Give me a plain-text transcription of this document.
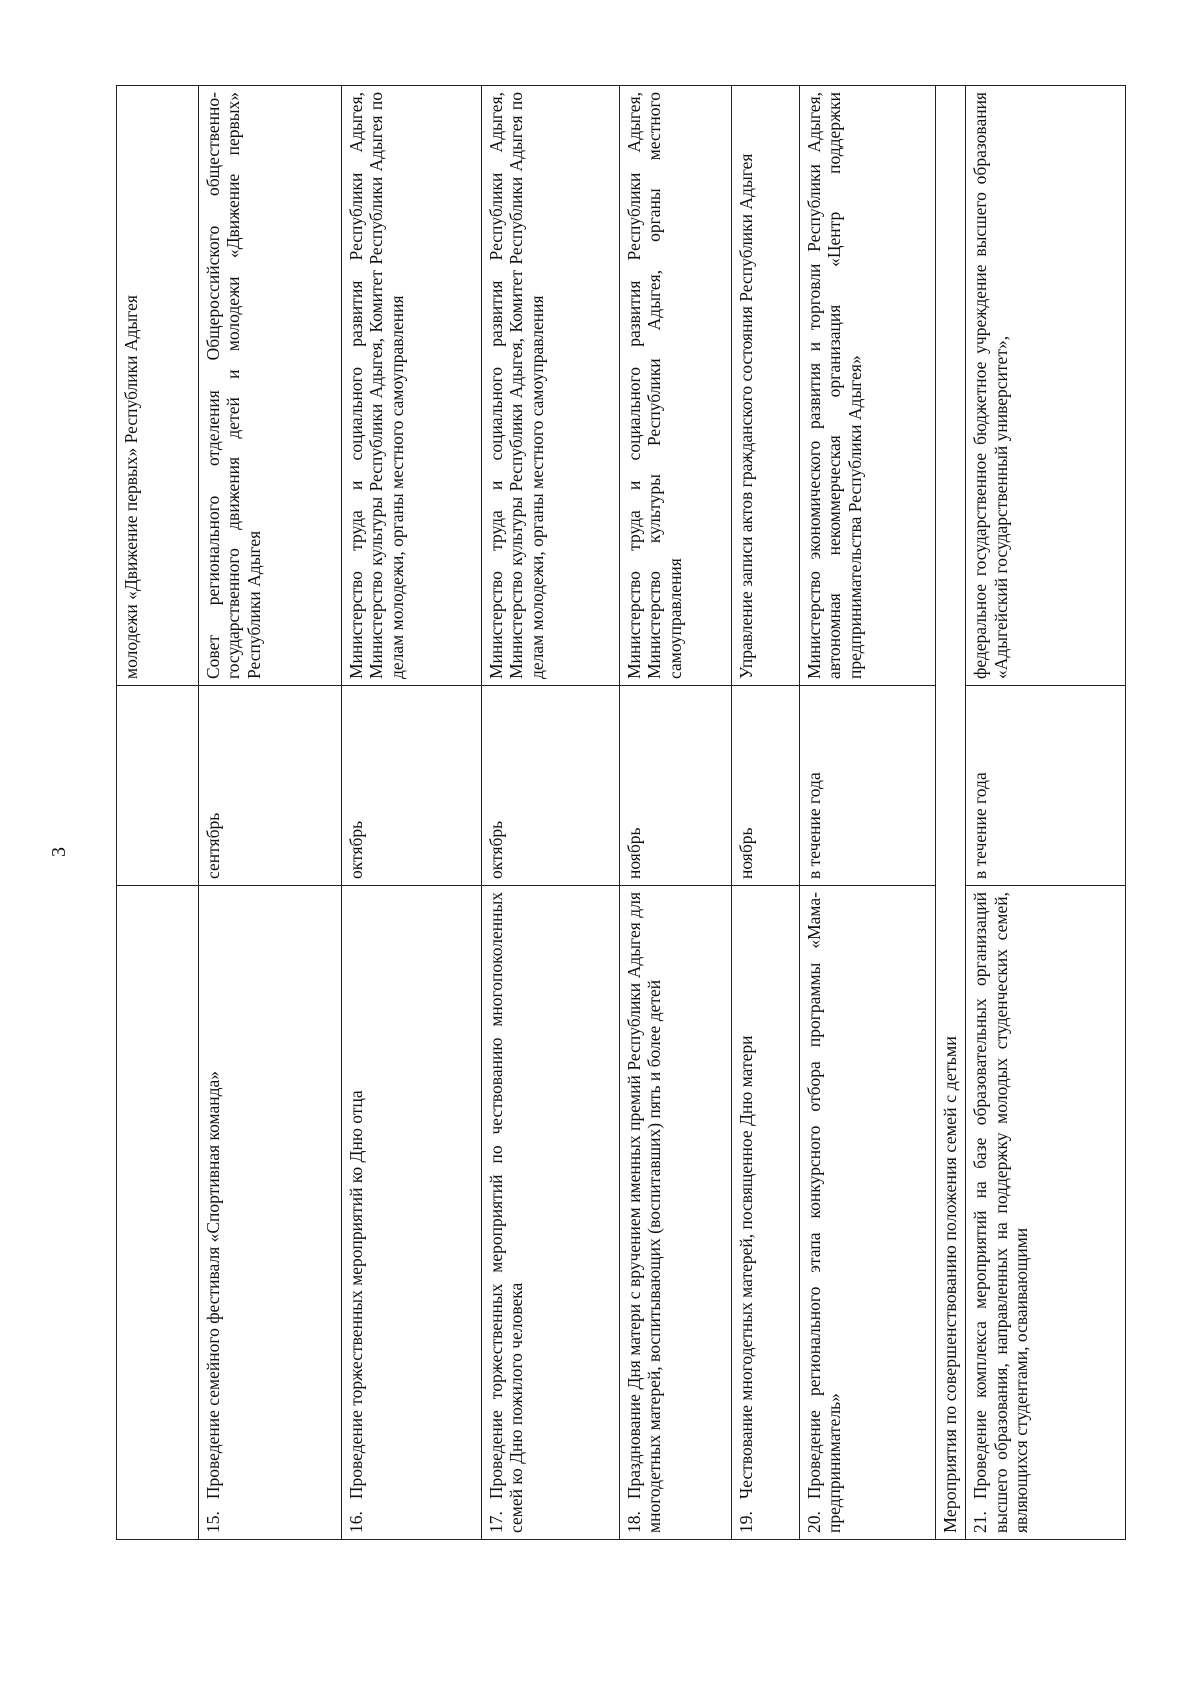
3
		молодежи «Движение первых» Республики Адыгея
15.Проведение семейного фестиваля «Спортивная команда»	сентябрь	Совет регионального отделения Общероссийского общественно-государственного движения детей и молодежи «Движение первых» Республики Адыгея
16.Проведение торжественных мероприятий ко Дню отца	октябрь	Министерство труда и социального развития Республики Адыгея, Министерство культуры Республики Адыгея, Комитет Республики Адыгея по делам молодежи, органы местного самоуправления
17.Проведение торжественных мероприятий по чествованию многопоколенных семей ко Дню пожилого человека	октябрь	Министерство труда и социального развития Республики Адыгея, Министерство культуры Республики Адыгея, Комитет Республики Адыгея по делам молодежи, органы местного самоуправления
18.Празднование Дня матери с вручением именных премий Республики Адыгея для многодетных матерей, воспитывающих (воспитавших) пять и более детей	ноябрь	Министерство труда и социального развития Республики Адыгея, Министерство культуры Республики Адыгея, органы местного самоуправления
19.Чествование многодетных матерей, посвященное Дню матери	ноябрь	Управление записи актов гражданского состояния Республики Адыгея
20.Проведение регионального этапа конкурсного отбора программы «Мама-предприниматель»	в течение года	Министерство экономического развития и торговли Республики Адыгея, автономная некоммерческая организация «Центр поддержки предпринимательства Республики Адыгея»
Мероприятия по совершенствованию положения семей с детьми		
21.Проведение комплекса мероприятий на базе образовательных организаций высшего образования, направленных на поддержку молодых студенческих семей, являющихся студентами, осваивающими	в течение года	федеральное государственное бюджетное учреждение высшего образования «Адыгейский государственный университет»,
